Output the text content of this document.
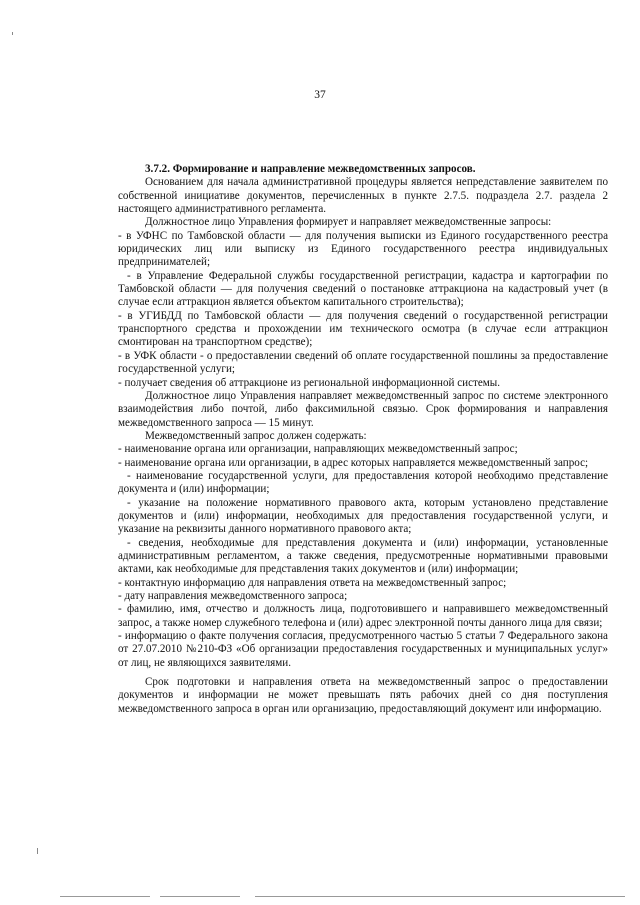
37

3.7.2. Формирование и направление межведомственных запросов.

Основанием для начала административной процедуры является непредставление заявителем по собственной инициативе документов, перечисленных в пункте 2.7.5. подраздела 2.7. раздела 2 настоящего административного регламента.

Должностное лицо Управления формирует и направляет межведомственные запросы:

- в УФНС по Тамбовской области — для получения выписки из Единого государственного реестра юридических лиц или выписку из Единого государственного реестра индивидуальных предпринимателей;

- в Управление Федеральной службы государственной регистрации, кадастра и картографии по Тамбовской области — для получения сведений о постановке аттракциона на кадастровый учет (в случае если аттракцион является объектом капитального строительства);

- в УГИБДД по Тамбовской области — для получения сведений о государственной регистрации транспортного средства и прохождении им технического осмотра (в случае если аттракцион смонтирован на транспортном средстве);

- в УФК области - о предоставлении сведений об оплате государственной пошлины за предоставление государственной услуги;

- получает сведения об аттракционе из региональной информационной системы.

Должностное лицо Управления направляет межведомственный запрос по системе электронного взаимодействия либо почтой, либо факсимильной связью. Срок формирования и направления межведомственного запроса — 15 минут.

Межведомственный запрос должен содержать:

- наименование органа или организации, направляющих межведомственный запрос;

- наименование органа или организации, в адрес которых направляется межведомственный запрос;

- наименование государственной услуги, для предоставления которой необходимо представление документа и (или) информации;

- указание на положение нормативного правового акта, которым установлено представление документов и (или) информации, необходимых для предоставления государственной услуги, и указание на реквизиты данного нормативного правового акта;

- сведения, необходимые для представления документа и (или) информации, установленные административным регламентом, а также сведения, предусмотренные нормативными правовыми актами, как необходимые для представления таких документов и (или) информации;

- контактную информацию для направления ответа на межведомственный запрос;

- дату направления межведомственного запроса;

- фамилию, имя, отчество и должность лица, подготовившего и направившего межведомственный запрос, а также номер служебного телефона и (или) адрес электронной почты данного лица для связи;

- информацию о факте получения согласия, предусмотренного частью 5 статьи 7 Федерального закона от 27.07.2010 №210-ФЗ «Об организации предоставления государственных и муниципальных услуг» от лиц, не являющихся заявителями.

Срок подготовки и направления ответа на межведомственный запрос о предоставлении документов и информации не может превышать пять рабочих дней со дня поступления межведомственного запроса в орган или организацию, предоставляющий документ или информацию.
